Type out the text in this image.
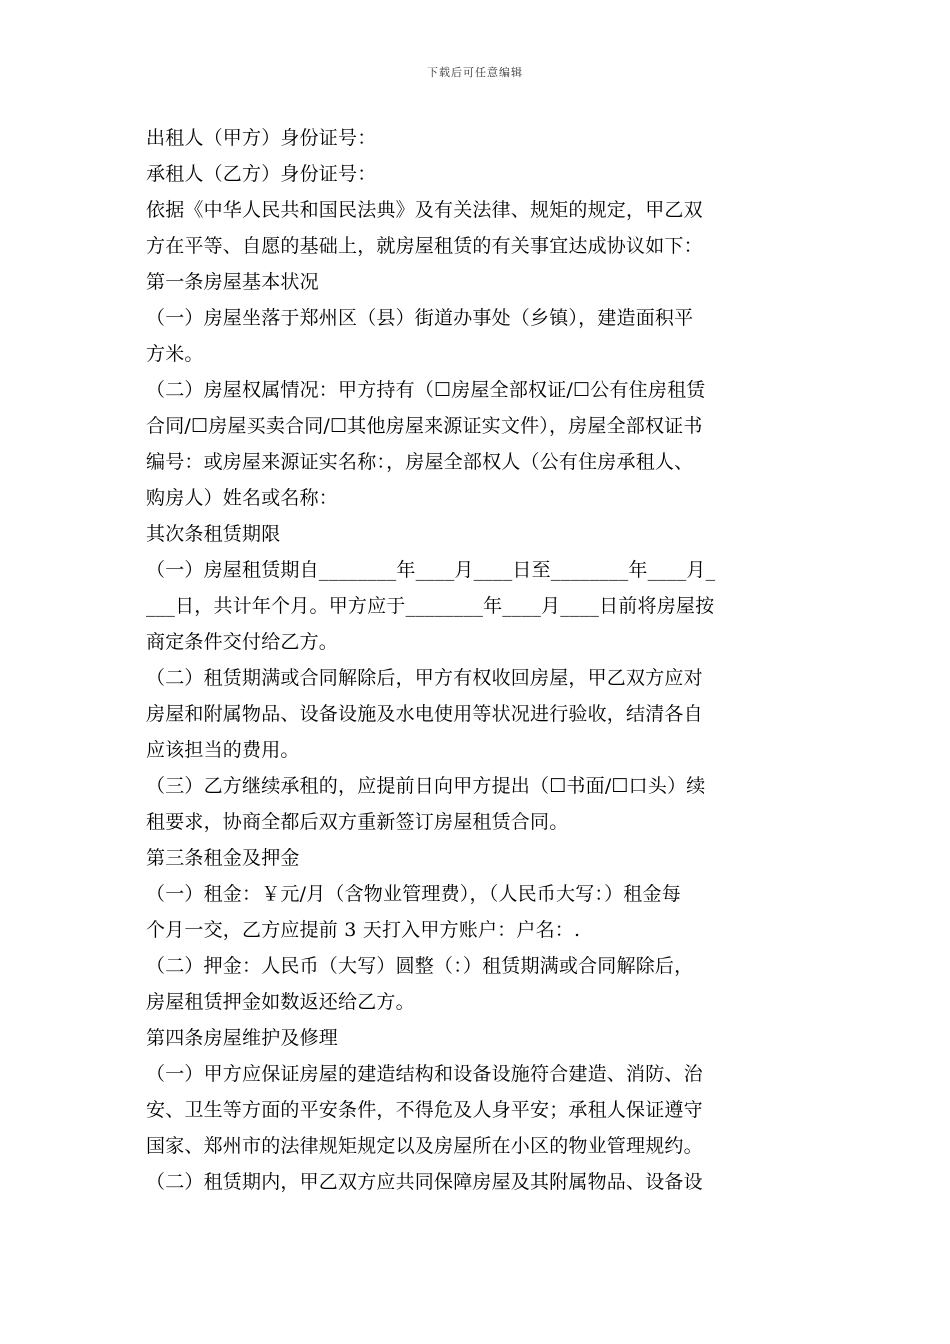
下载后可任意编辑
出租人（甲方）身份证号：
承租人（乙方）身份证号：
依据《中华人民共和国民法典》及有关法律、规矩的规定，甲乙双
方在平等、自愿的基础上，就房屋租赁的有关事宜达成协议如下：
第一条房屋基本状况
（一）房屋坐落于郑州区（县）街道办事处（乡镇），建造面积平
方米。
（二）房屋权属情况：甲方持有（☐房屋全部权证/☐公有住房租赁
合同/☐房屋买卖合同/☐其他房屋来源证实文件），房屋全部权证书
编号：或房屋来源证实名称：，房屋全部权人（公有住房承租人、
购房人）姓名或名称：
其次条租赁期限
（一）房屋租赁期自________年____月____日至________年____月_
___日，共计年个月。甲方应于________年____月____日前将房屋按
商定条件交付给乙方。
（二）租赁期满或合同解除后，甲方有权收回房屋，甲乙双方应对
房屋和附属物品、设备设施及水电使用等状况进行验收，结清各自
应该担当的费用。
（三）乙方继续承租的，应提前日向甲方提出（☐书面/☐口头）续
租要求，协商全都后双方重新签订房屋租赁合同。
第三条租金及押金
（一）租金：￥元/月（含物业管理费），（人民币大写：）租金每
个月一交，乙方应提前 3 天打入甲方账户：户名：.
（二）押金：人民币（大写）圆整（：）租赁期满或合同解除后，
房屋租赁押金如数返还给乙方。
第四条房屋维护及修理
（一）甲方应保证房屋的建造结构和设备设施符合建造、消防、治
安、卫生等方面的平安条件，不得危及人身平安；承租人保证遵守
国家、郑州市的法律规矩规定以及房屋所在小区的物业管理规约。
（二）租赁期内，甲乙双方应共同保障房屋及其附属物品、设备设
